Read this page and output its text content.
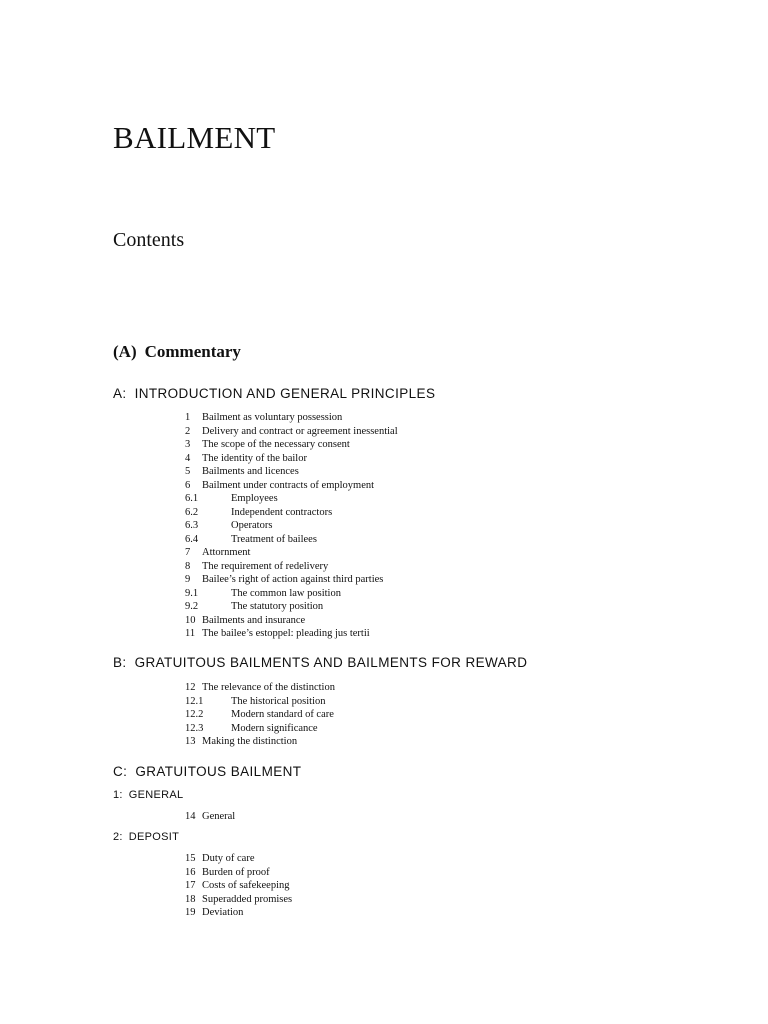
BAILMENT
Contents
(A) Commentary
A: INTRODUCTION AND GENERAL PRINCIPLES
1 Bailment as voluntary possession
2 Delivery and contract or agreement inessential
3 The scope of the necessary consent
4 The identity of the bailor
5 Bailments and licences
6 Bailment under contracts of employment
6.1	Employees
6.2	Independent contractors
6.3	Operators
6.4	Treatment of bailees
7 Attornment
8 The requirement of redelivery
9 Bailee’s right of action against third parties
9.1	The common law position
9.2	The statutory position
10 Bailments and insurance
11 The bailee’s estoppel: pleading jus tertii
B: GRATUITOUS BAILMENTS AND BAILMENTS FOR REWARD
12 The relevance of the distinction
12.1	The historical position
12.2	Modern standard of care
12.3	Modern significance
13 Making the distinction
C: GRATUITOUS BAILMENT
1: GENERAL
14 General
2: DEPOSIT
15 Duty of care
16 Burden of proof
17 Costs of safekeeping
18 Superadded promises
19 Deviation
